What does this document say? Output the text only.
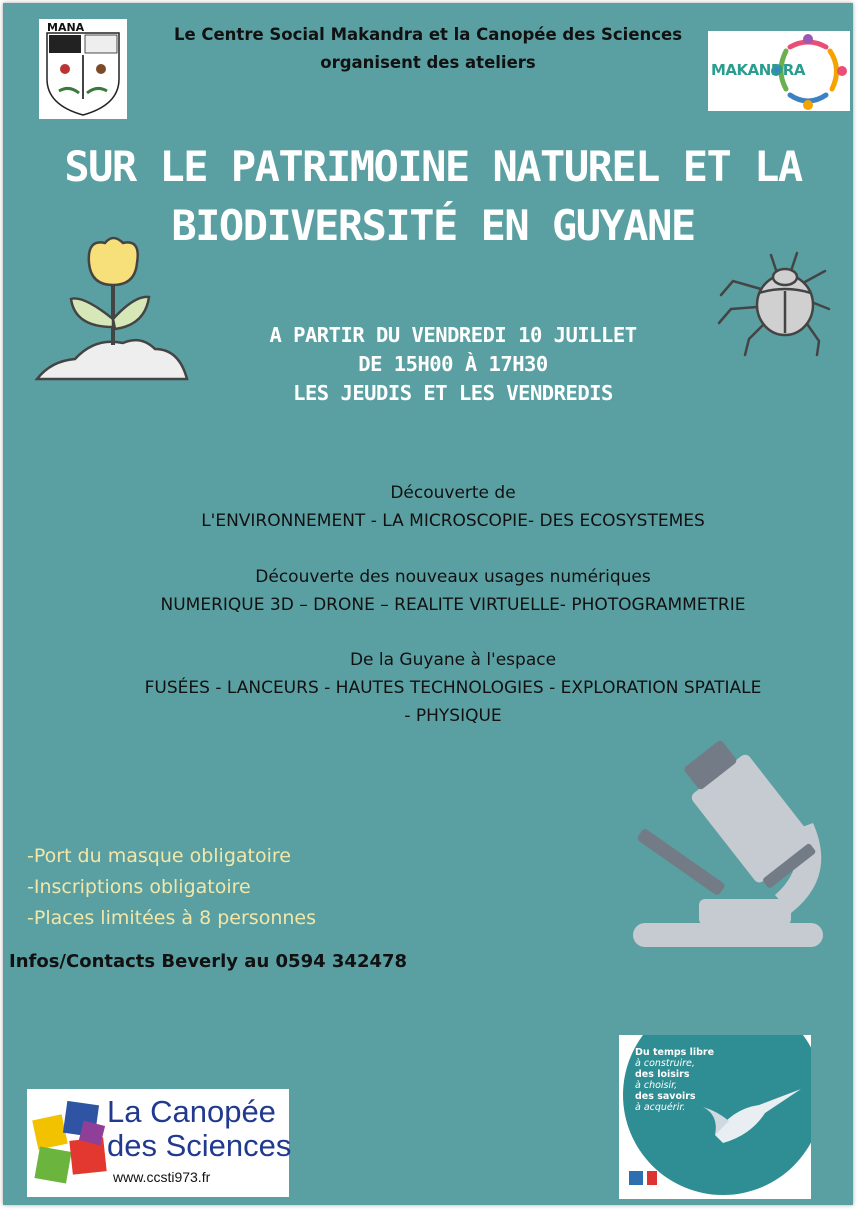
MANA	Le Centre Social Makandra et la Canopée des Sciences
organisent des ateliers	MAKANDRA
SUR LE PATRIMOINE NATUREL ET LA
BIODIVERSITÉ EN GUYANE
A PARTIR DU VENDREDI 10 JUILLET
DE 15H00 À 17H30
LES JEUDIS ET LES VENDREDIS
Découverte de
L'ENVIRONNEMENT - LA MICROSCOPIE- DES ECOSYSTEMES
Découverte des nouveaux usages numériques
NUMERIQUE 3D – DRONE – REALITE VIRTUELLE- PHOTOGRAMMETRIE
De la Guyane à l'espace
FUSÉES - LANCEURS - HAUTES TECHNOLOGIES - EXPLORATION SPATIALE
- PHYSIQUE
-Port du masque obligatoire
-Inscriptions obligatoire
-Places limitées à 8 personnes
Infos/Contacts Beverly au 0594 342478
La Canopée
des Sciences
www.ccsti973.fr
Du temps libre
à construire,
des loisirs
à choisir,
des savoirs
à acquérir.
